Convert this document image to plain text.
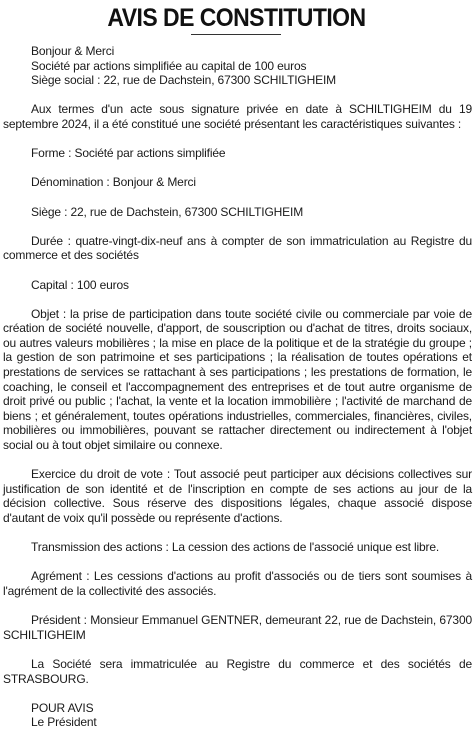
AVIS DE CONSTITUTION
Bonjour & Merci
Société par actions simplifiée au capital de 100 euros
Siège social : 22, rue de Dachstein, 67300 SCHILTIGHEIM

Aux termes d'un acte sous signature privée en date à SCHILTIGHEIM du 19 septembre 2024, il a été constitué une société présentant les caractéristiques suivantes :

Forme : Société par actions simplifiée

Dénomination : Bonjour & Merci

Siège : 22, rue de Dachstein, 67300 SCHILTIGHEIM

Durée : quatre-vingt-dix-neuf ans à compter de son immatriculation au Registre du commerce et des sociétés

Capital : 100 euros

Objet : la prise de participation dans toute société civile ou commerciale par voie de création de société nouvelle, d'apport, de souscription ou d'achat de titres, droits sociaux, ou autres valeurs mobilières ; la mise en place de la politique et de la stratégie du groupe ; la gestion de son patrimoine et ses participations ; la réalisation de toutes opérations et prestations de services se rattachant à ses participations ; les prestations de formation, le coaching, le conseil et l'accompagnement des entreprises et de tout autre organisme de droit privé ou public ; l'achat, la vente et la location immobilière ; l'activité de marchand de biens ; et généralement, toutes opérations industrielles, commerciales, financières, civiles, mobilières ou immobilières, pouvant se rattacher directement ou indirectement à l'objet social ou à tout objet similaire ou connexe.

Exercice du droit de vote : Tout associé peut participer aux décisions collectives sur justification de son identité et de l'inscription en compte de ses actions au jour de la décision collective. Sous réserve des dispositions légales, chaque associé dispose d'autant de voix qu'il possède ou représente d'actions.

Transmission des actions : La cession des actions de l'associé unique est libre.

Agrément : Les cessions d'actions au profit d'associés ou de tiers sont soumises à l'agrément de la collectivité des associés.

Président : Monsieur Emmanuel GENTNER, demeurant 22, rue de Dachstein, 67300 SCHILTIGHEIM

La Société sera immatriculée au Registre du commerce et des sociétés de STRASBOURG.

POUR AVIS
Le Président
